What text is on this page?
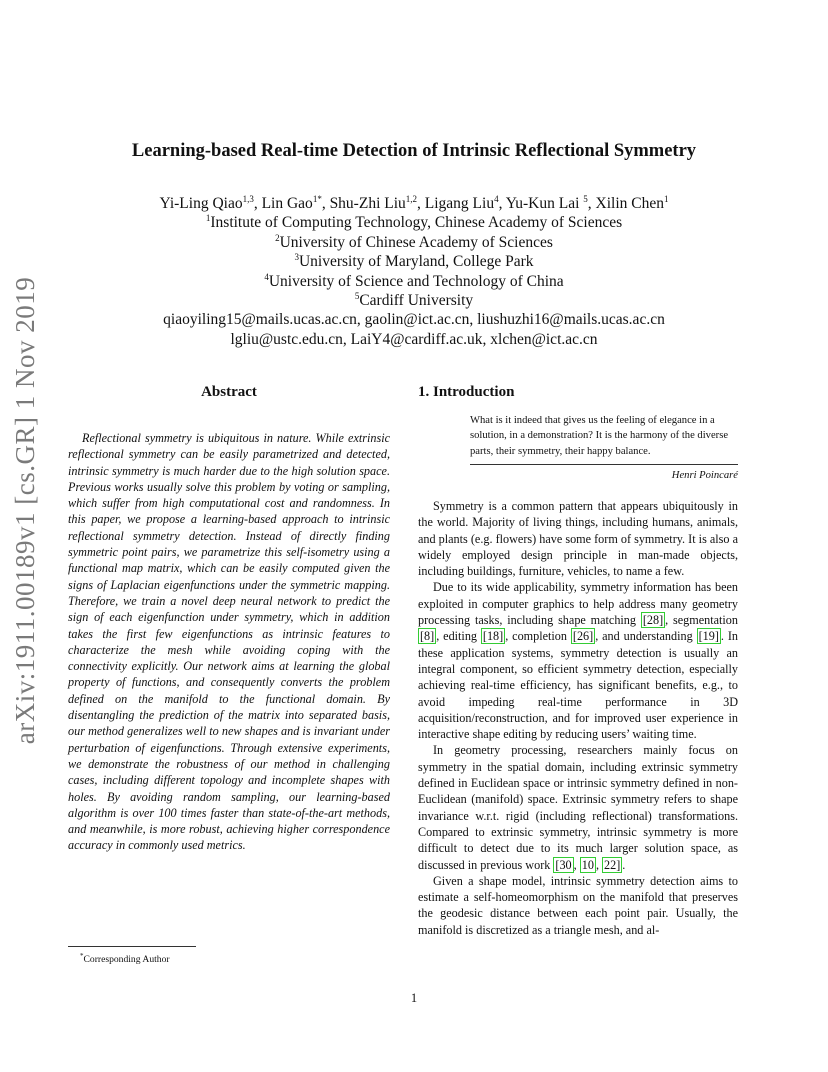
arXiv:1911.00189v1 [cs.GR] 1 Nov 2019
Learning-based Real-time Detection of Intrinsic Reflectional Symmetry
Yi-Ling Qiao$^{1,3}$, Lin Gao$^{1*}$, Shu-Zhi Liu$^{1,2}$, Ligang Liu$^4$, Yu-Kun Lai $^5$, Xilin Chen$^1$
$^1$Institute of Computing Technology, Chinese Academy of Sciences
$^2$University of Chinese Academy of Sciences
$^3$University of Maryland, College Park
$^4$University of Science and Technology of China
$^5$Cardiff University
qiaoyiling15@mails.ucas.ac.cn, gaolin@ict.ac.cn, liushuzhi16@mails.ucas.ac.cn
lgliu@ustc.edu.cn, LaiY4@cardiff.ac.uk, xlchen@ict.ac.cn
Abstract
Reflectional symmetry is ubiquitous in nature. While extrinsic reflectional symmetry can be easily parametrized and detected, intrinsic symmetry is much harder due to the high solution space. Previous works usually solve this problem by voting or sampling, which suffer from high computational cost and randomness. In this paper, we propose a learning-based approach to intrinsic reflectional symmetry detection. Instead of directly finding symmetric point pairs, we parametrize this self-isometry using a functional map matrix, which can be easily computed given the signs of Laplacian eigenfunctions under the symmetric mapping. Therefore, we train a novel deep neural network to predict the sign of each eigenfunction under symmetry, which in addition takes the first few eigenfunctions as intrinsic features to characterize the mesh while avoiding coping with the connectivity explicitly. Our network aims at learning the global property of functions, and consequently converts the problem defined on the manifold to the functional domain. By disentangling the prediction of the matrix into separated basis, our method generalizes well to new shapes and is invariant under perturbation of eigenfunctions. Through extensive experiments, we demonstrate the robustness of our method in challenging cases, including different topology and incomplete shapes with holes. By avoiding random sampling, our learning-based algorithm is over 100 times faster than state-of-the-art methods, and meanwhile, is more robust, achieving higher correspondence accuracy in commonly used metrics.
1. Introduction
What is it indeed that gives us the feeling of elegance in a solution, in a demonstration? It is the harmony of the diverse parts, their symmetry, their happy balance.
Henri Poincaré

Symmetry is a common pattern that appears ubiquitously in the world. Majority of living things, including humans, animals, and plants (e.g. flowers) have some form of symmetry. It is also a widely employed design principle in man-made objects, including buildings, furniture, vehicles, to name a few.

Due to its wide applicability, symmetry information has been exploited in computer graphics to help address many geometry processing tasks, including shape matching [28] , segmentation [8] , editing [18] , completion [26] , and understanding [19] . In these application systems, symmetry detection is usually an integral component, so efficient symmetry detection, especially achieving real-time efficiency, has significant benefits, e.g., to avoid impeding real-time performance in 3D acquisition/reconstruction, and for improved user experience in interactive shape editing by reducing users’ waiting time.

In geometry processing, researchers mainly focus on symmetry in the spatial domain, including extrinsic symmetry defined in Euclidean space or intrinsic symmetry defined in non-Euclidean (manifold) space. Extrinsic symmetry refers to shape invariance w.r.t. rigid (including reflectional) transformations. Compared to extrinsic symmetry, intrinsic symmetry is more difficult to detect due to its much larger solution space, as discussed in previous work [30 , 10 , 22] .

Given a shape model, intrinsic symmetry detection aims to estimate a self-homeomorphism on the manifold that preserves the geodesic distance between each point pair. Usually, the manifold is discretized as a triangle mesh, and al-

*Corresponding Author
1
